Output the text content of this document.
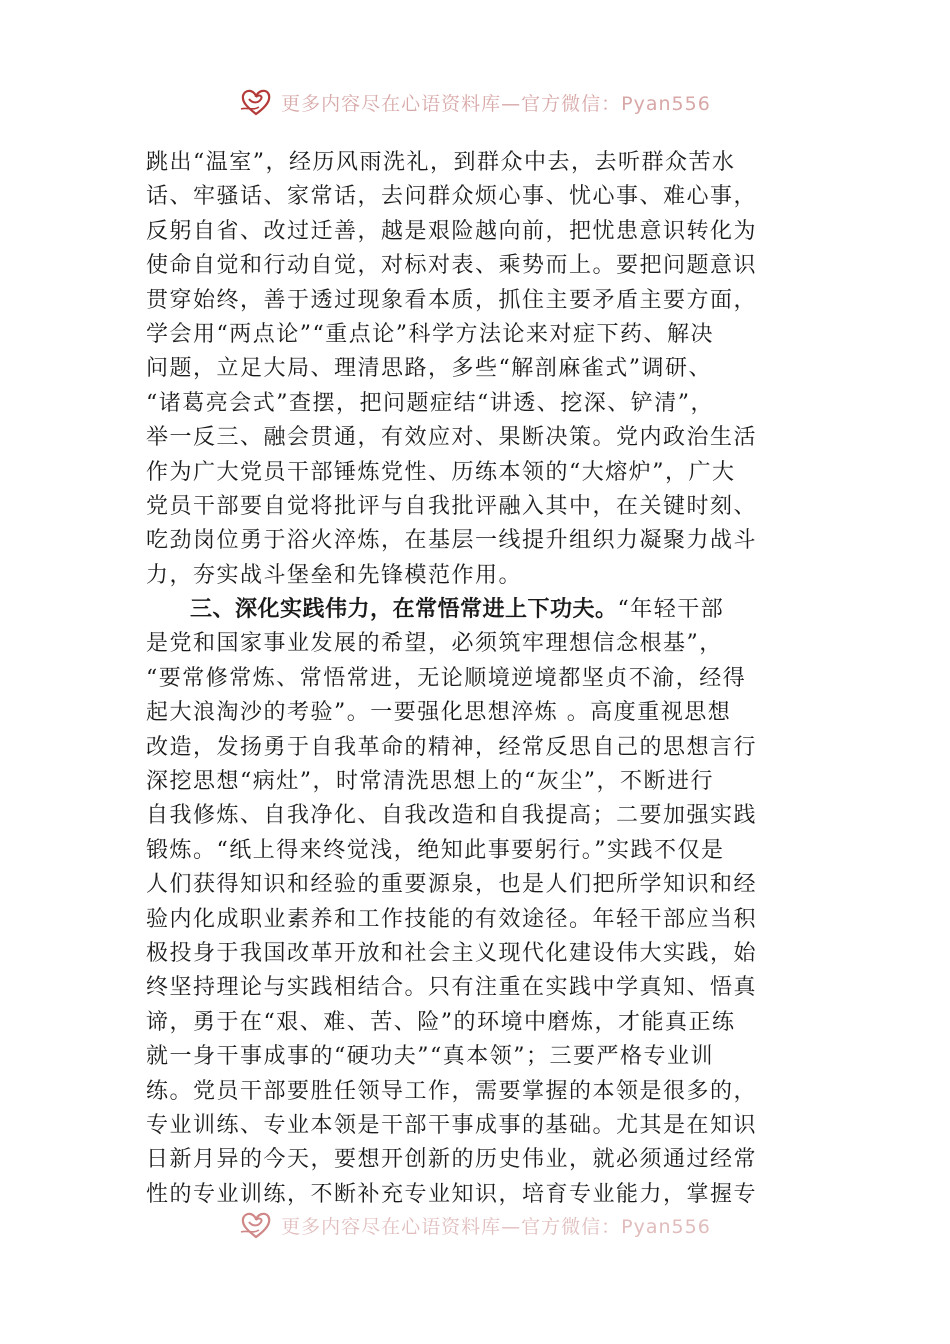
更多内容尽在心语资料库—官方微信：Pyan556
跳出“温室”，经历风雨洗礼，到群众中去，去听群众苦水
话、牢骚话、家常话，去问群众烦心事、忧心事、难心事，
反躬自省、改过迁善，越是艰险越向前，把忧患意识转化为
使命自觉和行动自觉，对标对表、乘势而上。要把问题意识
贯穿始终，善于透过现象看本质，抓住主要矛盾主要方面，
学会用“两点论”“重点论”科学方法论来对症下药、解决
问题，立足大局、理清思路，多些“解剖麻雀式”调研、
“诸葛亮会式”查摆，把问题症结“讲透、挖深、铲清”，
举一反三、融会贯通，有效应对、果断决策。党内政治生活
作为广大党员干部锤炼党性、历练本领的“大熔炉”，广大
党员干部要自觉将批评与自我批评融入其中，在关键时刻、
吃劲岗位勇于浴火淬炼，在基层一线提升组织力凝聚力战斗
力，夯实战斗堡垒和先锋模范作用。
三、深化实践伟力，在常悟常进上下功夫。“年轻干部
是党和国家事业发展的希望，必须筑牢理想信念根基”，
“要常修常炼、常悟常进，无论顺境逆境都坚贞不渝，经得
起大浪淘沙的考验”。一要强化思想淬炼 。高度重视思想
改造，发扬勇于自我革命的精神，经常反思自己的思想言行
深挖思想“病灶”，时常清洗思想上的“灰尘”，不断进行
自我修炼、自我净化、自我改造和自我提高；二要加强实践
锻炼。“纸上得来终觉浅，绝知此事要躬行。”实践不仅是
人们获得知识和经验的重要源泉，也是人们把所学知识和经
验内化成职业素养和工作技能的有效途径。年轻干部应当积
极投身于我国改革开放和社会主义现代化建设伟大实践，始
终坚持理论与实践相结合。只有注重在实践中学真知、悟真
谛，勇于在“艰、难、苦、险”的环境中磨炼，才能真正练
就一身干事成事的“硬功夫”“真本领”；三要严格专业训
练。党员干部要胜任领导工作，需要掌握的本领是很多的，
专业训练、专业本领是干部干事成事的基础。尤其是在知识
日新月异的今天，要想开创新的历史伟业，就必须通过经常
性的专业训练，不断补充专业知识，培育专业能力，掌握专
更多内容尽在心语资料库—官方微信：Pyan556
